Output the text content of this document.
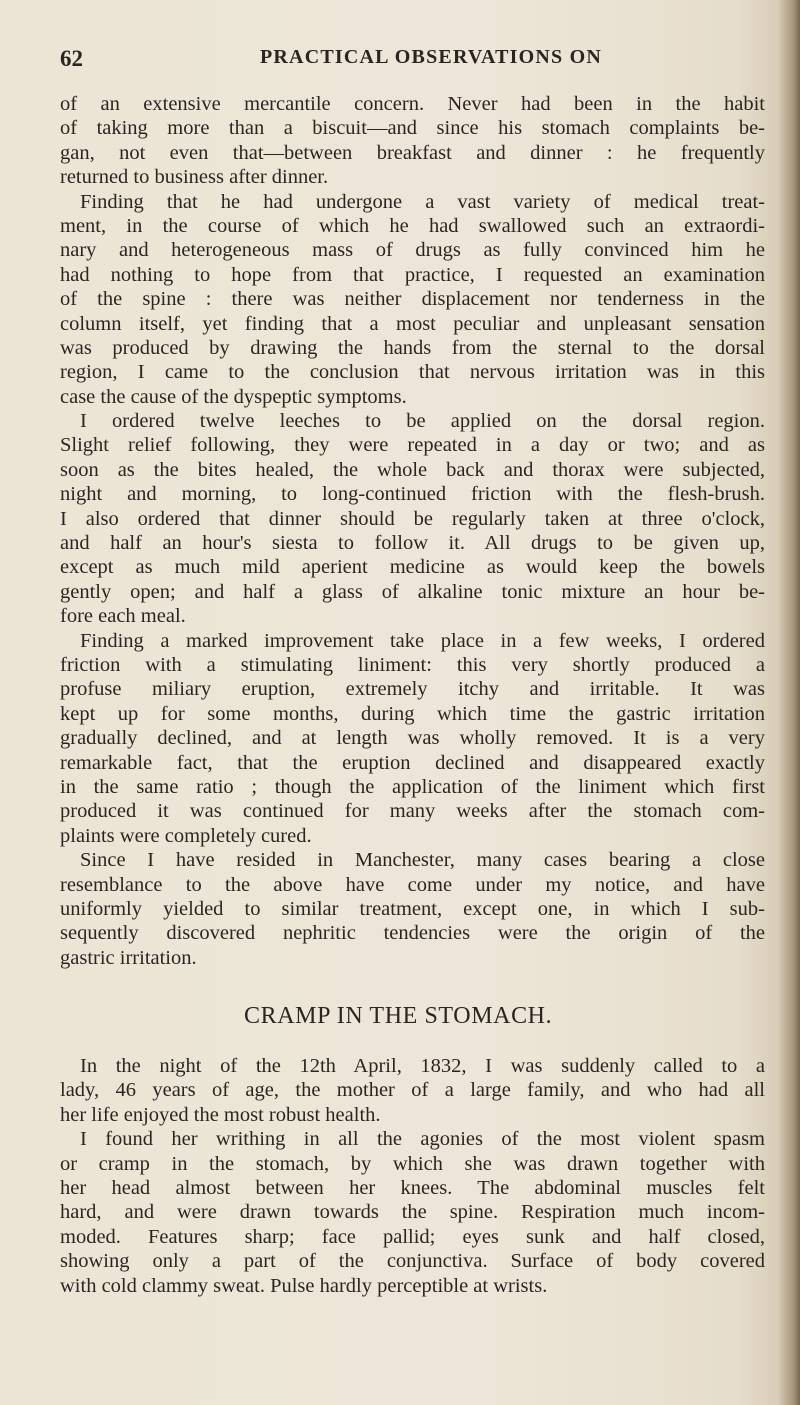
62	PRACTICAL OBSERVATIONS ON
of an extensive mercantile concern. Never had been in the habit
of taking more than a biscuit—and since his stomach complaints be-
gan, not even that—between breakfast and dinner : he frequently
returned to business after dinner.
Finding that he had undergone a vast variety of medical treat-
ment, in the course of which he had swallowed such an extraordi-
nary and heterogeneous mass of drugs as fully convinced him he
had nothing to hope from that practice, I requested an examination
of the spine : there was neither displacement nor tenderness in the
column itself, yet finding that a most peculiar and unpleasant sensation
was produced by drawing the hands from the sternal to the dorsal
region, I came to the conclusion that nervous irritation was in this
case the cause of the dyspeptic symptoms.
I ordered twelve leeches to be applied on the dorsal region.
Slight relief following, they were repeated in a day or two; and as
soon as the bites healed, the whole back and thorax were subjected,
night and morning, to long-continued friction with the flesh-brush.
I also ordered that dinner should be regularly taken at three o'clock,
and half an hour's siesta to follow it. All drugs to be given up,
except as much mild aperient medicine as would keep the bowels
gently open; and half a glass of alkaline tonic mixture an hour be-
fore each meal.
Finding a marked improvement take place in a few weeks, I ordered
friction with a stimulating liniment: this very shortly produced a
profuse miliary eruption, extremely itchy and irritable. It was
kept up for some months, during which time the gastric irritation
gradually declined, and at length was wholly removed. It is a very
remarkable fact, that the eruption declined and disappeared exactly
in the same ratio ; though the application of the liniment which first
produced it was continued for many weeks after the stomach com-
plaints were completely cured.
Since I have resided in Manchester, many cases bearing a close
resemblance to the above have come under my notice, and have
uniformly yielded to similar treatment, except one, in which I sub-
sequently discovered nephritic tendencies were the origin of the
gastric irritation.
CRAMP IN THE STOMACH.
In the night of the 12th April, 1832, I was suddenly called to a
lady, 46 years of age, the mother of a large family, and who had all
her life enjoyed the most robust health.
I found her writhing in all the agonies of the most violent spasm
or cramp in the stomach, by which she was drawn together with
her head almost between her knees. The abdominal muscles felt
hard, and were drawn towards the spine. Respiration much incom-
moded. Features sharp; face pallid; eyes sunk and half closed,
showing only a part of the conjunctiva. Surface of body covered
with cold clammy sweat. Pulse hardly perceptible at wrists.
